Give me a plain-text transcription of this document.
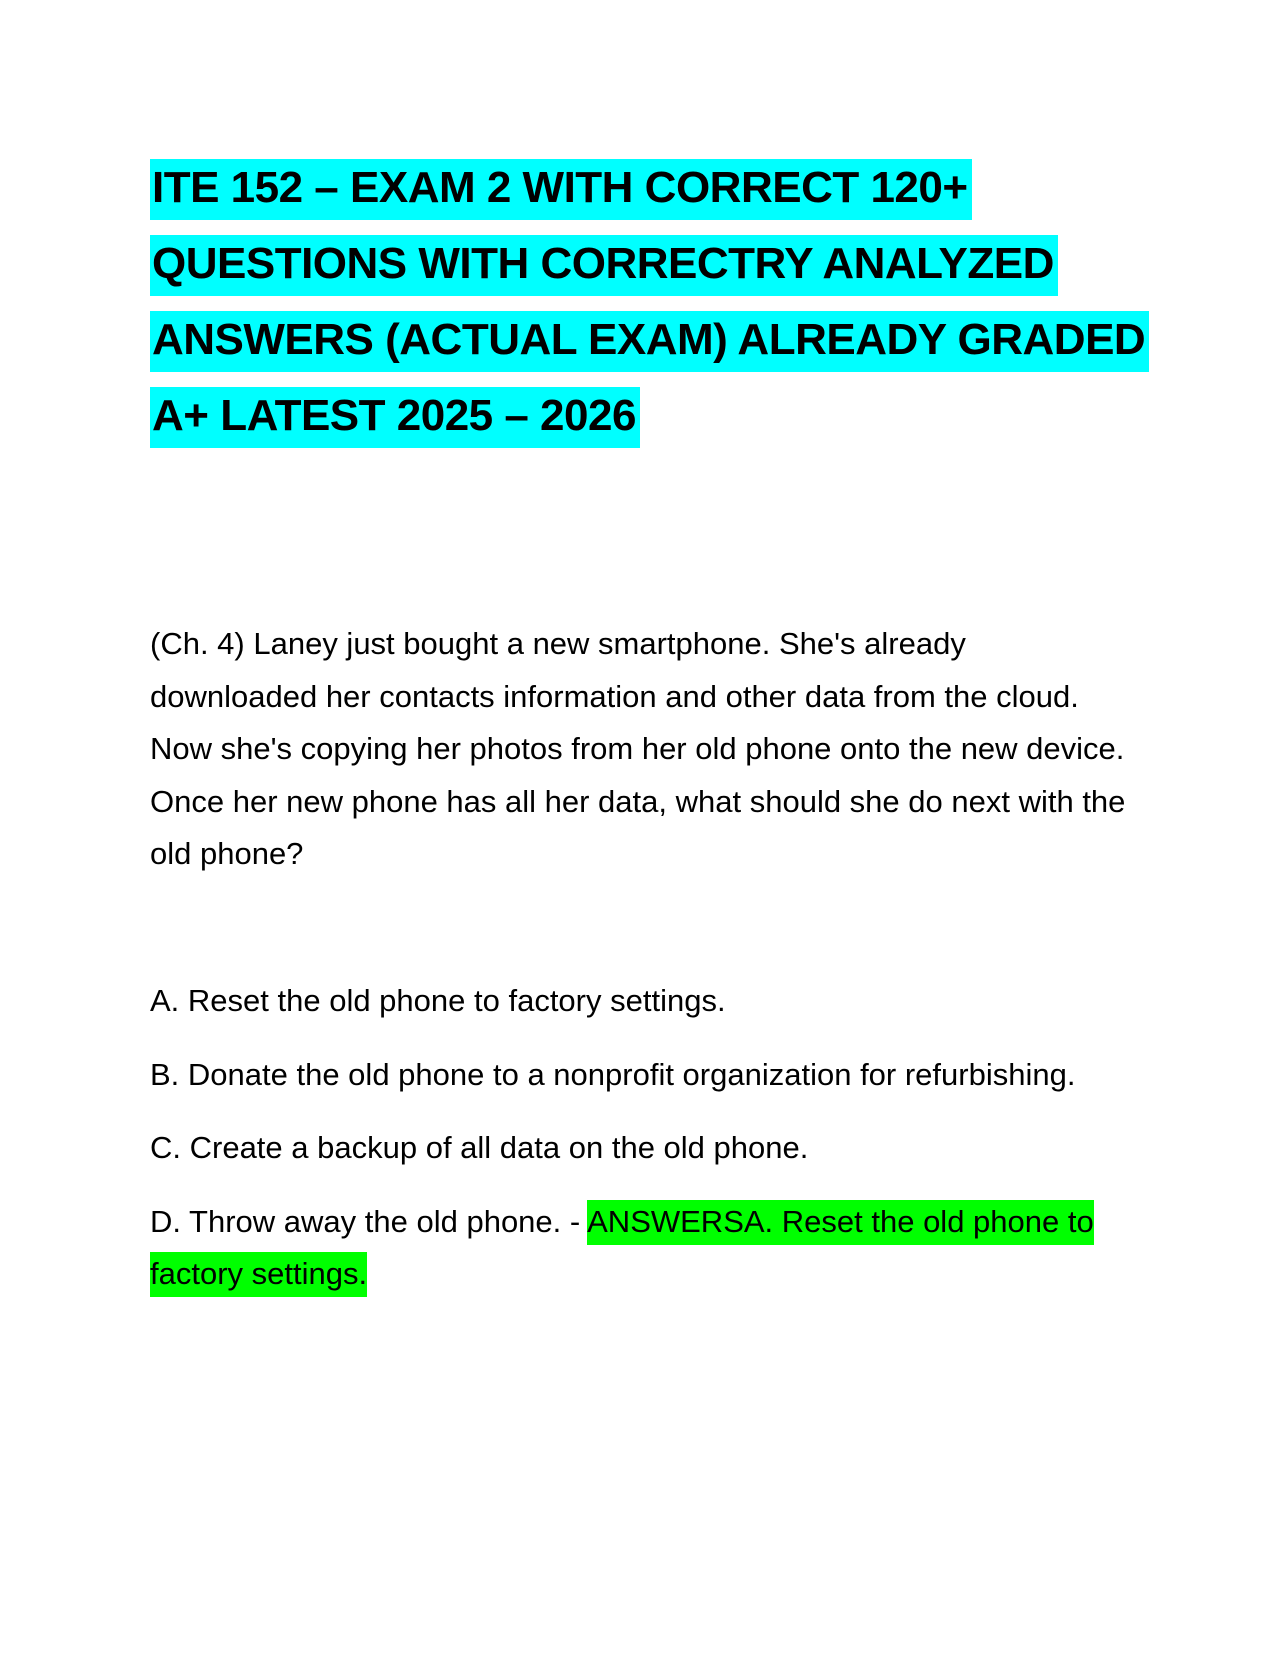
ITE 152 – EXAM 2 WITH CORRECT 120+ QUESTIONS WITH CORRECTRY ANALYZED ANSWERS (ACTUAL EXAM) ALREADY GRADED A+ LATEST 2025 – 2026

(Ch. 4) Laney just bought a new smartphone. She's already downloaded her contacts information and other data from the cloud. Now she's copying her photos from her old phone onto the new device. Once her new phone has all her data, what should she do next with the old phone?

A. Reset the old phone to factory settings.
B. Donate the old phone to a nonprofit organization for refurbishing.
C. Create a backup of all data on the old phone.
D. Throw away the old phone. - ANSWERSA. Reset the old phone to factory settings.
